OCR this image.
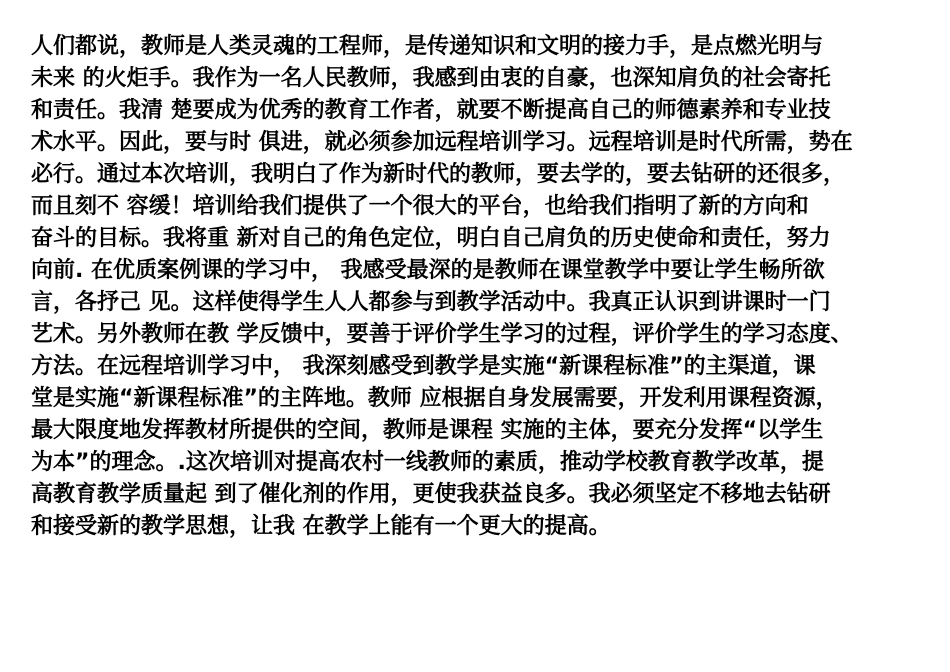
人们都说，教师是人类灵魂的工程师，是传递知识和文明的接力手，是点燃光明与
未来 的火炬手。我作为一名人民教师，我感到由衷的自豪，也深知肩负的社会寄托
和责任。我清 楚要成为优秀的教育工作者，就要不断提高自己的师德素养和专业技
术水平。因此，要与时 俱进，就必须参加远程培训学习。远程培训是时代所需，势在
必行。通过本次培训，我明白了作为新时代的教师，要去学的，要去钻研的还很多，
而且刻不 容缓！培训给我们提供了一个很大的平台，也给我们指明了新的方向和
奋斗的目标。我将重 新对自己的角色定位，明白自己肩负的历史使命和责任，努力
向前. 在优质案例课的学习中， 我感受最深的是教师在课堂教学中要让学生畅所欲
言，各抒己 见。这样使得学生人人都参与到教学活动中。我真正认识到讲课时一门
艺术。另外教师在教 学反馈中，要善于评价学生学习的过程，评价学生的学习态度、
方法。在远程培训学习中， 我深刻感受到教学是实施“新课程标准”的主渠道，课
堂是实施“新课程标准”的主阵地。教师 应根据自身发展需要，开发利用课程资源，
最大限度地发挥教材所提供的空间，教师是课程 实施的主体，要充分发挥“以学生
为本”的理念。.这次培训对提高农村一线教师的素质，推动学校教育教学改革，提
高教育教学质量起 到了催化剂的作用，更使我获益良多。我必须坚定不移地去钻研
和接受新的教学思想，让我 在教学上能有一个更大的提高。
